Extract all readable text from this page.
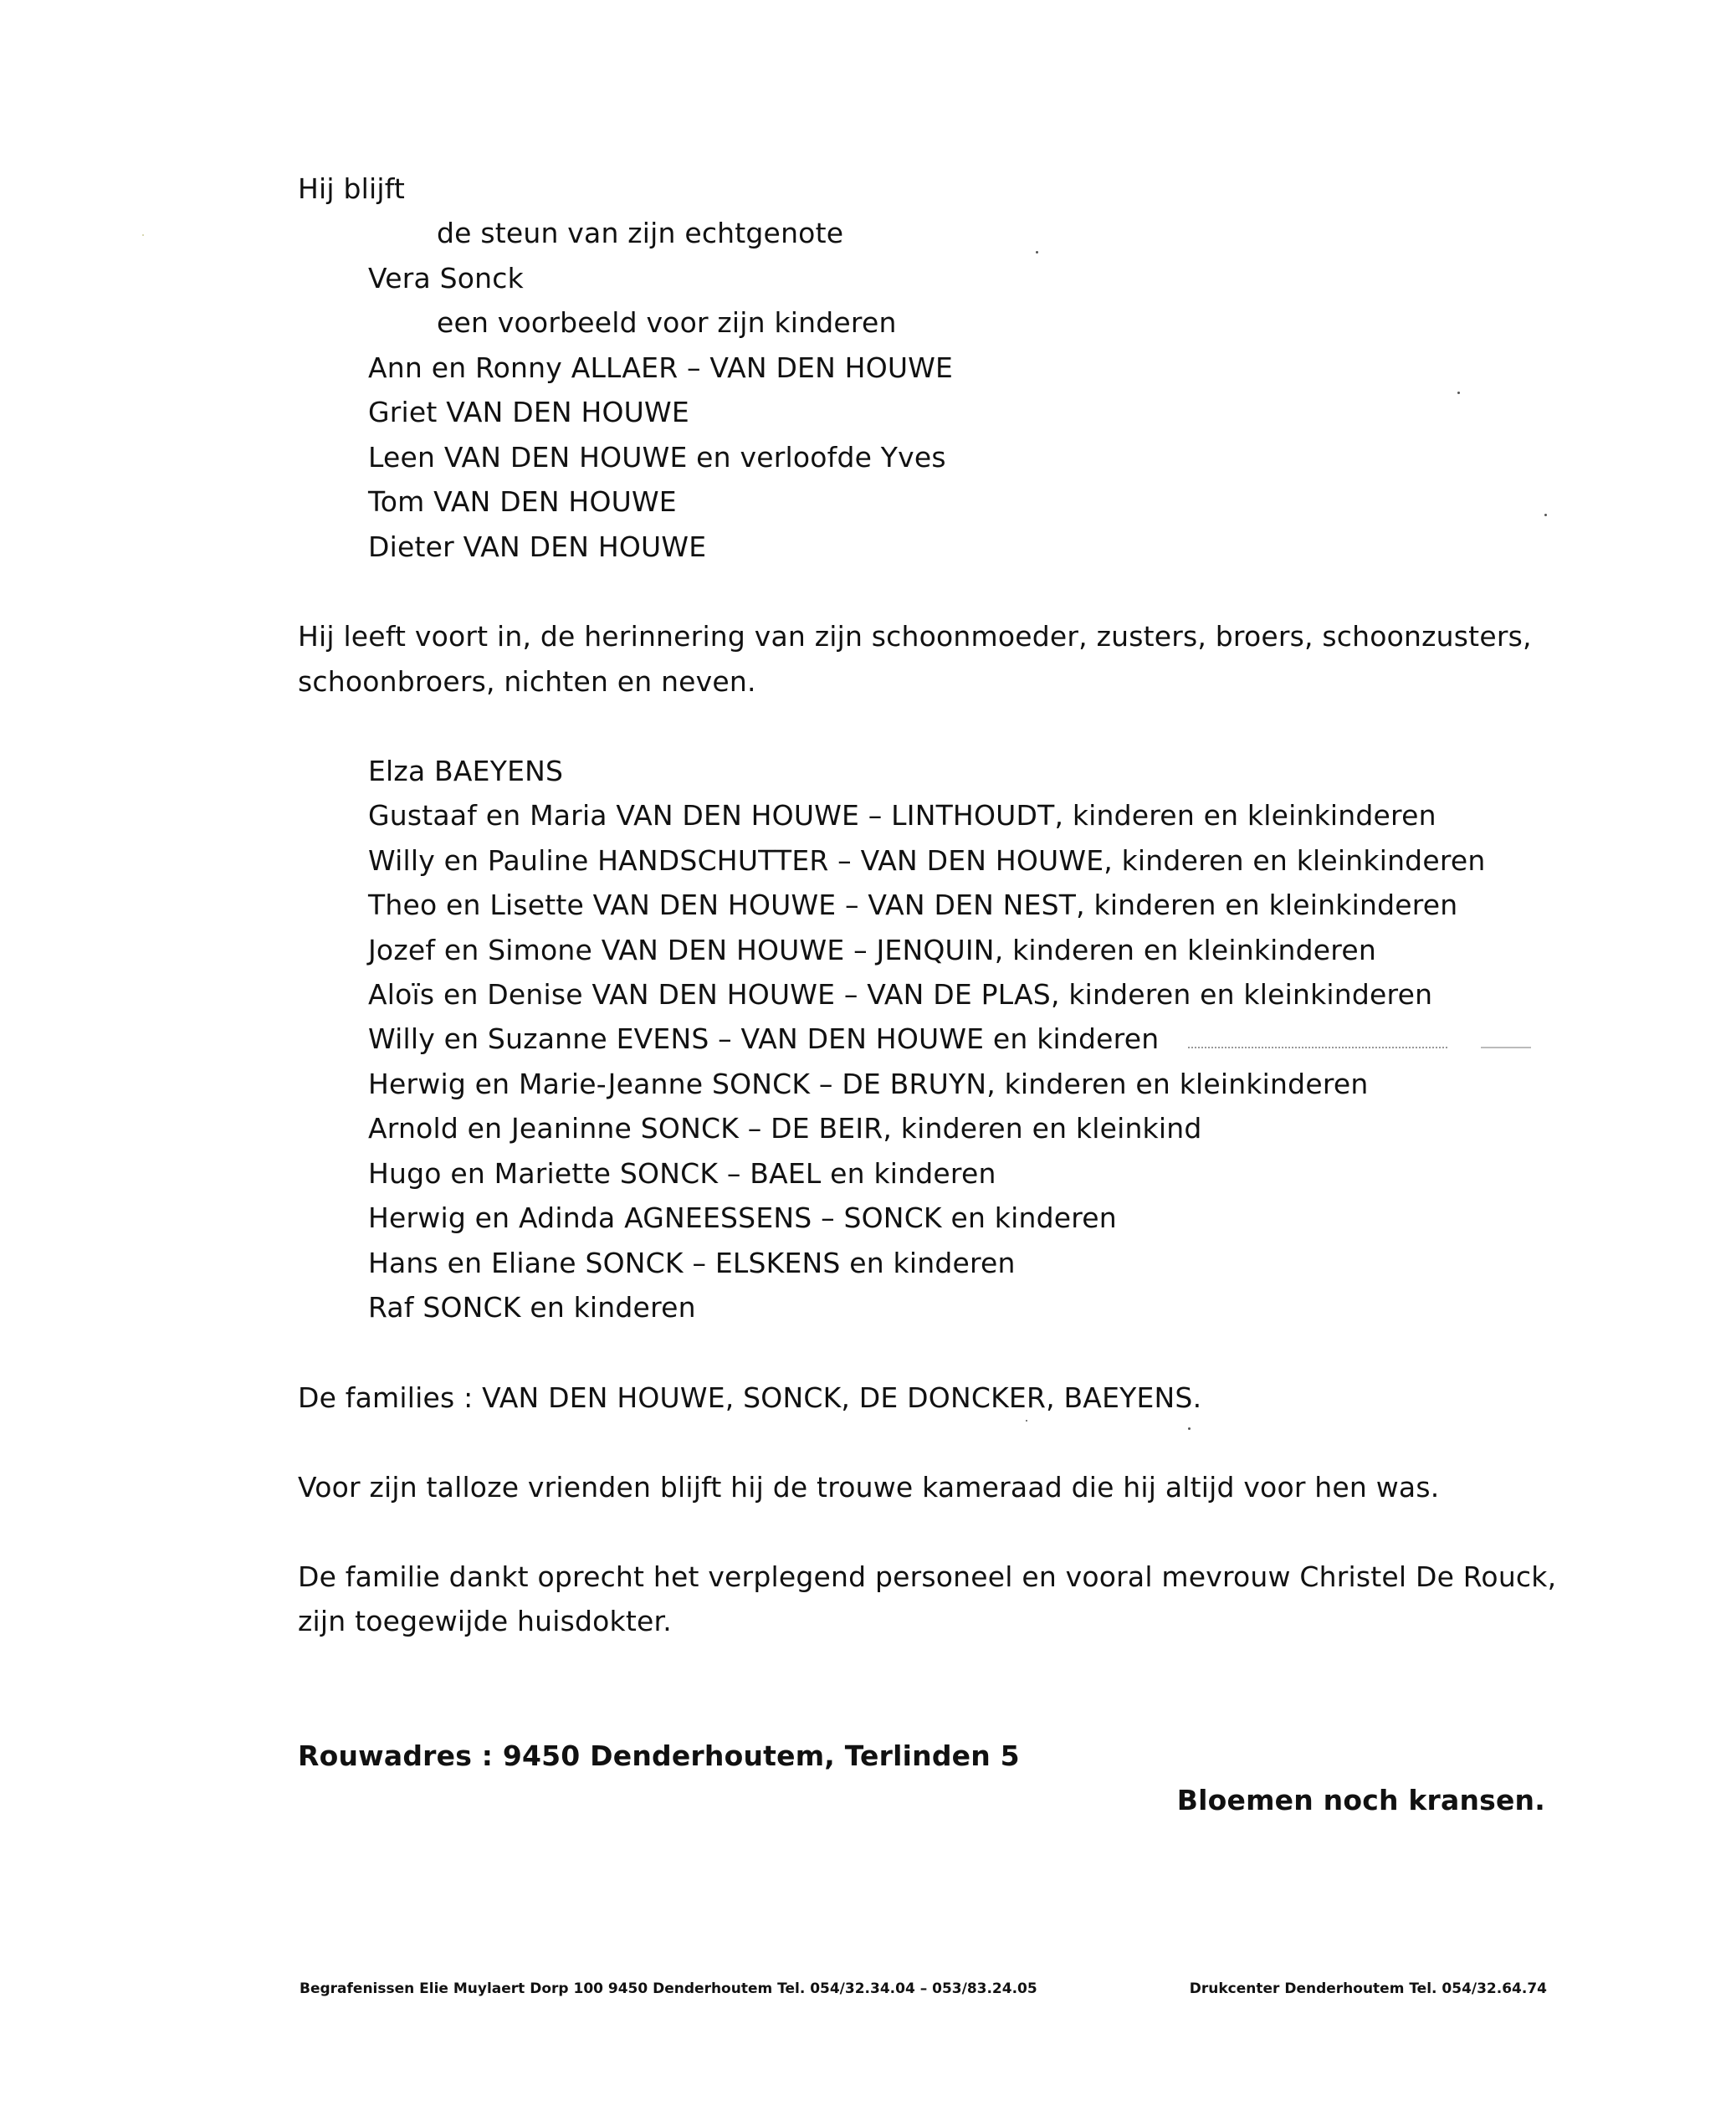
Hij blijft
de steun van zijn echtgenote
Vera Sonck
een voorbeeld voor zijn kinderen
Ann en Ronny ALLAER – VAN DEN HOUWE
Griet VAN DEN HOUWE
Leen VAN DEN HOUWE en verloofde Yves
Tom VAN DEN HOUWE
Dieter VAN DEN HOUWE
Hij leeft voort in, de herinnering van zijn schoonmoeder, zusters, broers, schoonzusters,
schoonbroers, nichten en neven.
Elza BAEYENS
Gustaaf en Maria VAN DEN HOUWE – LINTHOUDT, kinderen en kleinkinderen
Willy en Pauline HANDSCHUTTER – VAN DEN HOUWE, kinderen en kleinkinderen
Theo en Lisette VAN DEN HOUWE – VAN DEN NEST, kinderen en kleinkinderen
Jozef en Simone VAN DEN HOUWE – JENQUIN, kinderen en kleinkinderen
Aloïs en Denise VAN DEN HOUWE – VAN DE PLAS, kinderen en kleinkinderen
Willy en Suzanne EVENS – VAN DEN HOUWE en kinderen
Herwig en Marie-Jeanne SONCK – DE BRUYN, kinderen en kleinkinderen
Arnold en Jeaninne SONCK – DE BEIR, kinderen en kleinkind
Hugo en Mariette SONCK – BAEL en kinderen
Herwig en Adinda AGNEESSENS – SONCK en kinderen
Hans en Eliane SONCK – ELSKENS en kinderen
Raf SONCK en kinderen
De families : VAN DEN HOUWE, SONCK, DE DONCKER, BAEYENS.
Voor zijn talloze vrienden blijft hij de trouwe kameraad die hij altijd voor hen was.
De familie dankt oprecht het verplegend personeel en vooral mevrouw Christel De Rouck,
zijn toegewijde huisdokter.
Rouwadres : 9450 Denderhoutem, Terlinden 5
Bloemen noch kransen.
Begrafenissen Elie Muylaert Dorp 100 9450 Denderhoutem Tel. 054/32.34.04 – 053/83.24.05	Drukcenter Denderhoutem Tel. 054/32.64.74
